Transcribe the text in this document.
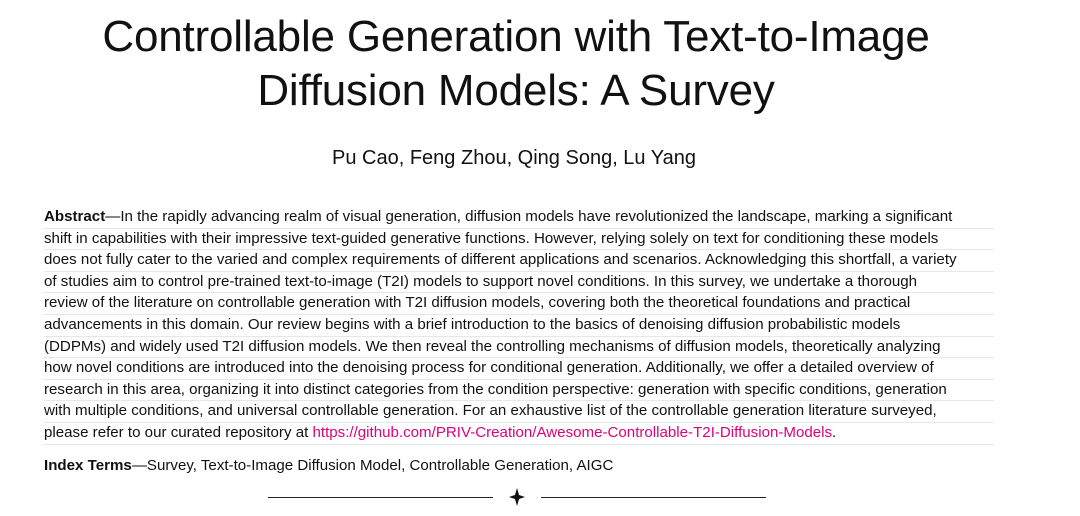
Controllable Generation with Text-to-Image
Diffusion Models: A Survey
Pu Cao, Feng Zhou, Qing Song, Lu Yang

Abstract—In the rapidly advancing realm of visual generation, diffusion models have revolutionized the landscape, marking a significant
shift in capabilities with their impressive text-guided generative functions. However, relying solely on text for conditioning these models
does not fully cater to the varied and complex requirements of different applications and scenarios. Acknowledging this shortfall, a variety
of studies aim to control pre-trained text-to-image (T2I) models to support novel conditions. In this survey, we undertake a thorough
review of the literature on controllable generation with T2I diffusion models, covering both the theoretical foundations and practical
advancements in this domain. Our review begins with a brief introduction to the basics of denoising diffusion probabilistic models
(DDPMs) and widely used T2I diffusion models. We then reveal the controlling mechanisms of diffusion models, theoretically analyzing
how novel conditions are introduced into the denoising process for conditional generation. Additionally, we offer a detailed overview of
research in this area, organizing it into distinct categories from the condition perspective: generation with specific conditions, generation
with multiple conditions, and universal controllable generation. For an exhaustive list of the controllable generation literature surveyed,
please refer to our curated repository at https://github.com/PRIV-Creation/Awesome-Controllable-T2I-Diffusion-Models.

Index Terms—Survey, Text-to-Image Diffusion Model, Controllable Generation, AIGC
